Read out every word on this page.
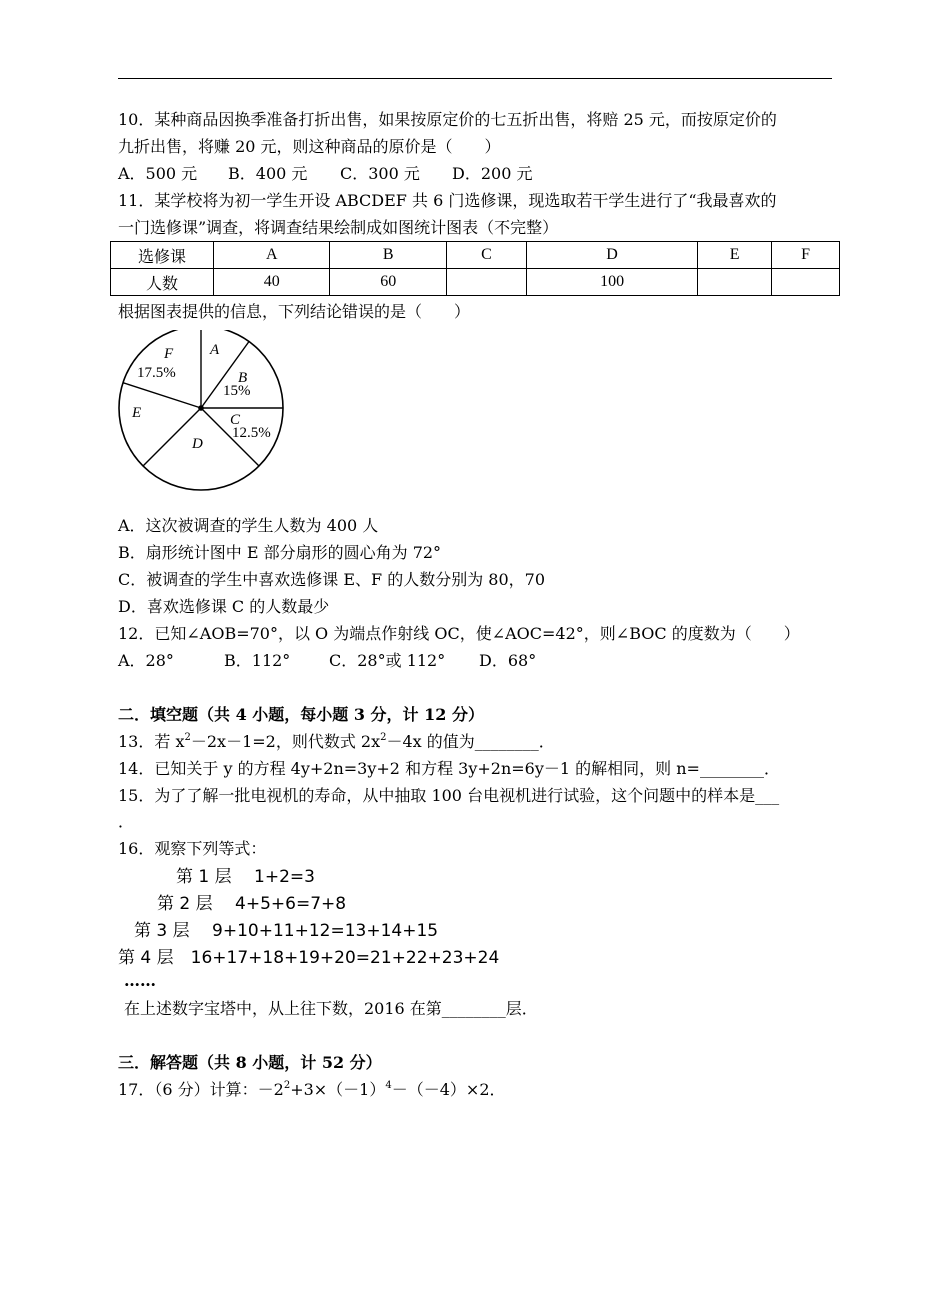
10．某种商品因换季准备打折出售，如果按原定价的七五折出售，将赔 25 元，而按原定价的
九折出售，将赚 20 元，则这种商品的原价是（　　）
A．500 元 B．400 元 C．300 元 D．200 元
11．某学校将为初一学生开设 ABCDEF 共 6 门选修课，现选取若干学生进行了“我最喜欢的
一门选修课”调查，将调查结果绘制成如图统计图表（不完整）
选修课	A	B	C	D	E	F
人数	40	60		100		
根据图表提供的信息，下列结论错误的是（　　）
A
B
15%
C
12.5%
D
E
F
17.5%
A．这次被调查的学生人数为 400 人
B．扇形统计图中 E 部分扇形的圆心角为 72°
C．被调查的学生中喜欢选修课 E、F 的人数分别为 80，70
D．喜欢选修课 C 的人数最少
12．已知∠AOB=70°，以 O 为端点作射线 OC，使∠AOC=42°，则∠BOC 的度数为（　　）
A．28°	B．112° C．28°或 112° D．68°
二．填空题（共 4 小题，每小题 3 分，计 12 分）
13．若 $x^2-2x-1=2$，则代数式 $2x^2-4x$ 的值为________．
14．已知关于 y 的方程 4y+2n=3y+2 和方程 3y+2n=6y－1 的解相同，则 n=________．
15．为了了解一批电视机的寿命，从中抽取 100 台电视机进行试验，这个问题中的样本是___
．
16．观察下列等式：
第 1 层　 1+2=3
第 2 层　 4+5+6=7+8
第 3 层　 9+10+11+12=13+14+15
第 4 层　16+17+18+19+20=21+22+23+24
……
在上述数字宝塔中，从上往下数，2016 在第________层．
三．解答题（共 8 小题，计 52 分）
17．（6 分）计算：$-2^2+3\times(-1)^4-(-4)\times 2$．
